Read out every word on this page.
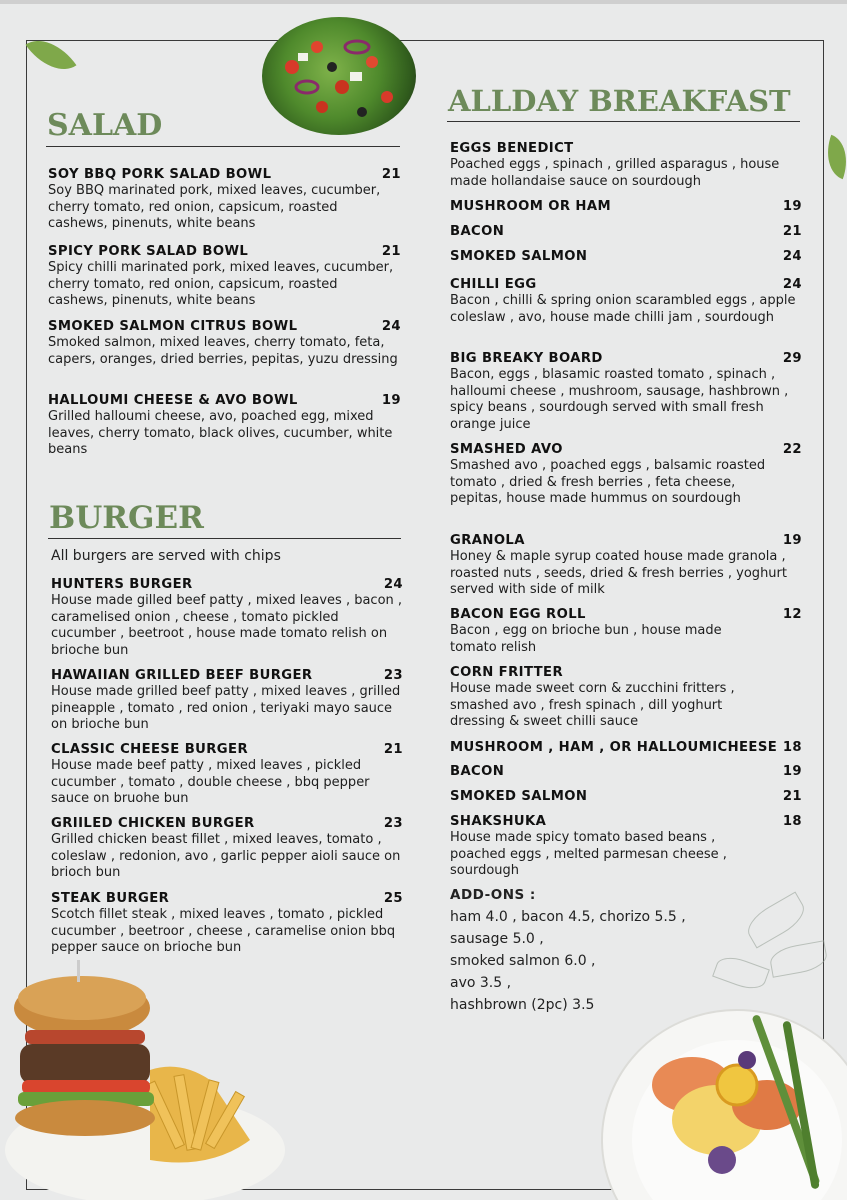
SALAD
SOY BBQ PORK SALAD BOWL	21
Soy BBQ marinated pork, mixed leaves, cucumber, cherry tomato, red onion, capsicum, roasted cashews, pinenuts, white beans
SPICY PORK SALAD BOWL	21
Spicy chilli marinated pork, mixed leaves, cucumber, cherry tomato, red onion, capsicum, roasted cashews, pinenuts, white beans
SMOKED SALMON CITRUS BOWL	24
Smoked salmon, mixed leaves, cherry tomato, feta, capers, oranges, dried berries, pepitas, yuzu dressing
HALLOUMI CHEESE & AVO BOWL	19
Grilled halloumi cheese, avo, poached egg, mixed leaves, cherry tomato, black olives, cucumber, white beans
BURGER
All burgers are served with chips
HUNTERS BURGER	24
House made gilled beef patty , mixed leaves , bacon , caramelised onion , cheese , tomato pickled cucumber , beetroot , house made tomato relish on brioche bun
HAWAIIAN GRILLED BEEF BURGER	23
House made grilled beef patty , mixed leaves , grilled pineapple , tomato , red onion , teriyaki mayo sauce on brioche bun
CLASSIC CHEESE BURGER	21
House made beef patty , mixed leaves , pickled cucumber , tomato , double cheese , bbq pepper sauce on bruohe bun
GRIILED CHICKEN BURGER	23
Grilled chicken beast fillet , mixed leaves, tomato , coleslaw , redonion, avo , garlic pepper aioli sauce on brioch bun
STEAK BURGER	25
Scotch fillet steak , mixed leaves , tomato , pickled cucumber , beetroor , cheese , caramelise onion bbq pepper sauce on brioche bun
ALLDAY BREAKFAST
EGGS BENEDICT
Poached eggs , spinach , grilled asparagus , house made hollandaise sauce on sourdough
MUSHROOM OR HAM	19
BACON	21
SMOKED SALMON	24
CHILLI EGG	24
Bacon , chilli & spring onion scarambled eggs , apple coleslaw , avo, house made chilli jam , sourdough
BIG BREAKY BOARD	29
Bacon, eggs , blasamic roasted tomato , spinach , halloumi cheese , mushroom, sausage, hashbrown , spicy beans , sourdough served with small fresh orange juice
SMASHED AVO	22
Smashed avo , poached eggs , balsamic roasted tomato , dried & fresh berries , feta cheese, pepitas, house made hummus on sourdough
GRANOLA	19
Honey & maple syrup coated house made granola , roasted nuts , seeds, dried & fresh berries , yoghurt served with side of milk
BACON EGG ROLL	12
Bacon , egg on brioche bun , house made tomato relish
CORN FRITTER
House made sweet corn & zucchini fritters , smashed avo , fresh spinach , dill yoghurt dressing & sweet chilli sauce
MUSHROOM , HAM , OR HALLOUMICHEESE 18
BACON	19
SMOKED SALMON	21
SHAKSHUKA	18
House made spicy tomato based beans , poached eggs , melted parmesan cheese , sourdough
ADD-ONS :
ham 4.0 , bacon 4.5, chorizo 5.5 ,
sausage 5.0 ,
smoked salmon 6.0 ,
avo 3.5 ,
hashbrown (2pc) 3.5
